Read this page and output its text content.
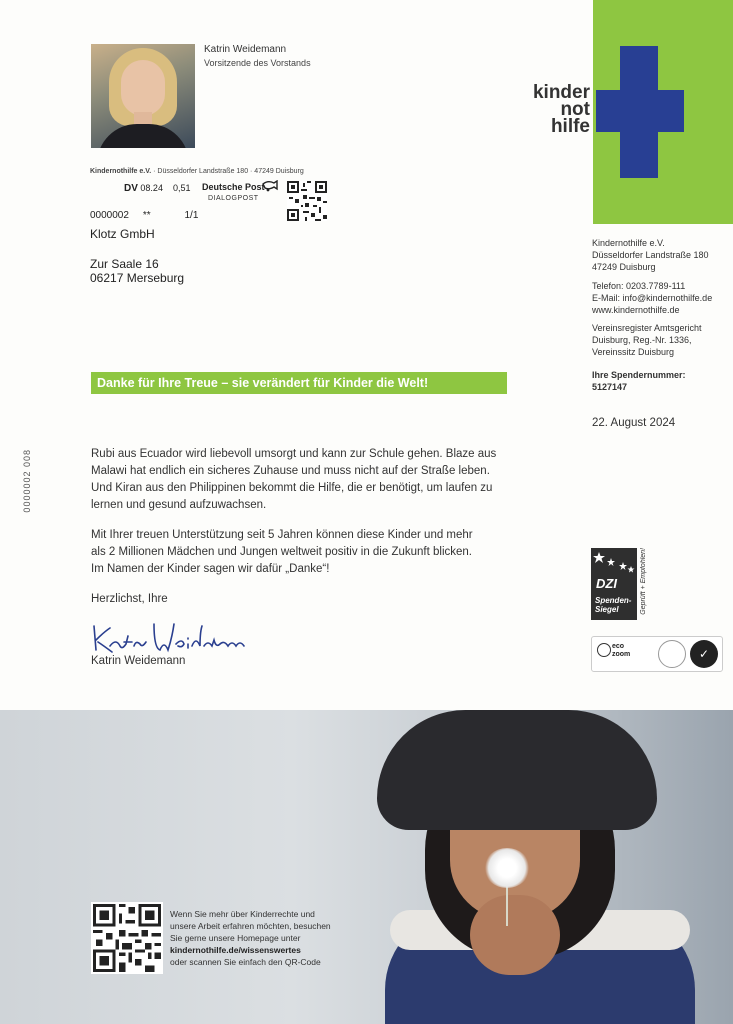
Katrin Weidemann
Vorsitzende des Vorstands
kinder
not
hilfe
Kindernothilfe e.V. · Düsseldorfer Landstraße 180 · 47249 Duisburg
DV 08.24 0,51 Deutsche Post
DIALOGPOST
0000002 **	1/1
Klotz GmbH
Zur Saale 16
06217 Merseburg
Kindernothilfe e.V.
Düsseldorfer Landstraße 180
47249 Duisburg
Telefon: 0203.7789-111
E-Mail: info@kindernothilfe.de
www.kindernothilfe.de
Vereinsregister Amtsgericht
Duisburg, Reg.-Nr. 1336,
Vereinssitz Duisburg
Ihre Spendernummer:
5127147
22. August 2024
Danke für Ihre Treue – sie verändert für Kinder die Welt!
0000002 008	Rubi aus Ecuador wird liebevoll umsorgt und kann zur Schule gehen. Blaze aus
Malawi hat endlich ein sicheres Zuhause und muss nicht auf der Straße leben.
Und Kiran aus den Philippinen bekommt die Hilfe, die er benötigt, um laufen zu
lernen und gesund aufzuwachsen.
Mit Ihrer treuen Unterstützung seit 5 Jahren können diese Kinder und mehr
als 2 Millionen Mädchen und Jungen weltweit positiv in die Zukunft blicken.
Im Namen der Kinder sagen wir dafür „Danke“!
Herzlichst, Ihre
Katrin Weidemann
DZI
Spenden-
Siegel	Geprüft + Empfohlen!
eco
zoom	✓
Wenn Sie mehr über Kinderrechte und
unsere Arbeit erfahren möchten, besuchen
Sie gerne unsere Homepage unter
kindernothilfe.de/wissenswertes
oder scannen Sie einfach den QR-Code
